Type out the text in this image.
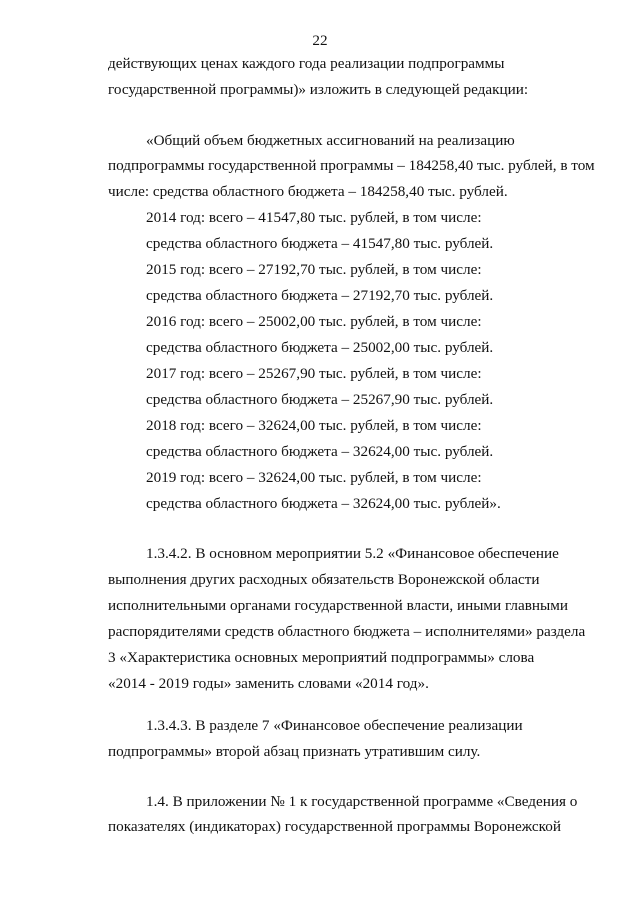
22
действующих ценах каждого года реализации подпрограммы
государственной программы)» изложить в следующей редакции:
«Общий объем бюджетных ассигнований на реализацию
подпрограммы государственной программы – 184258,40 тыс. рублей, в том
числе: средства областного бюджета – 184258,40 тыс. рублей.
2014 год: всего – 41547,80 тыс. рублей, в том числе:
средства областного бюджета – 41547,80 тыс. рублей.
2015 год: всего – 27192,70 тыс. рублей, в том числе:
средства областного бюджета – 27192,70 тыс. рублей.
2016 год: всего – 25002,00 тыс. рублей, в том числе:
средства областного бюджета – 25002,00 тыс. рублей.
2017 год: всего – 25267,90 тыс. рублей, в том числе:
средства областного бюджета – 25267,90 тыс. рублей.
2018 год: всего – 32624,00 тыс. рублей, в том числе:
средства областного бюджета – 32624,00 тыс. рублей.
2019 год: всего – 32624,00 тыс. рублей, в том числе:
средства областного бюджета – 32624,00 тыс. рублей».
1.3.4.2. В основном мероприятии 5.2 «Финансовое обеспечение
выполнения других расходных обязательств Воронежской области
исполнительными органами государственной власти, иными главными
распорядителями средств областного бюджета – исполнителями» раздела
3 «Характеристика основных мероприятий подпрограммы» слова
«2014 - 2019 годы» заменить словами «2014 год».
1.3.4.3. В разделе 7 «Финансовое обеспечение реализации
подпрограммы» второй абзац признать утратившим силу.
1.4. В приложении № 1 к государственной программе «Сведения о
показателях (индикаторах) государственной программы Воронежской
